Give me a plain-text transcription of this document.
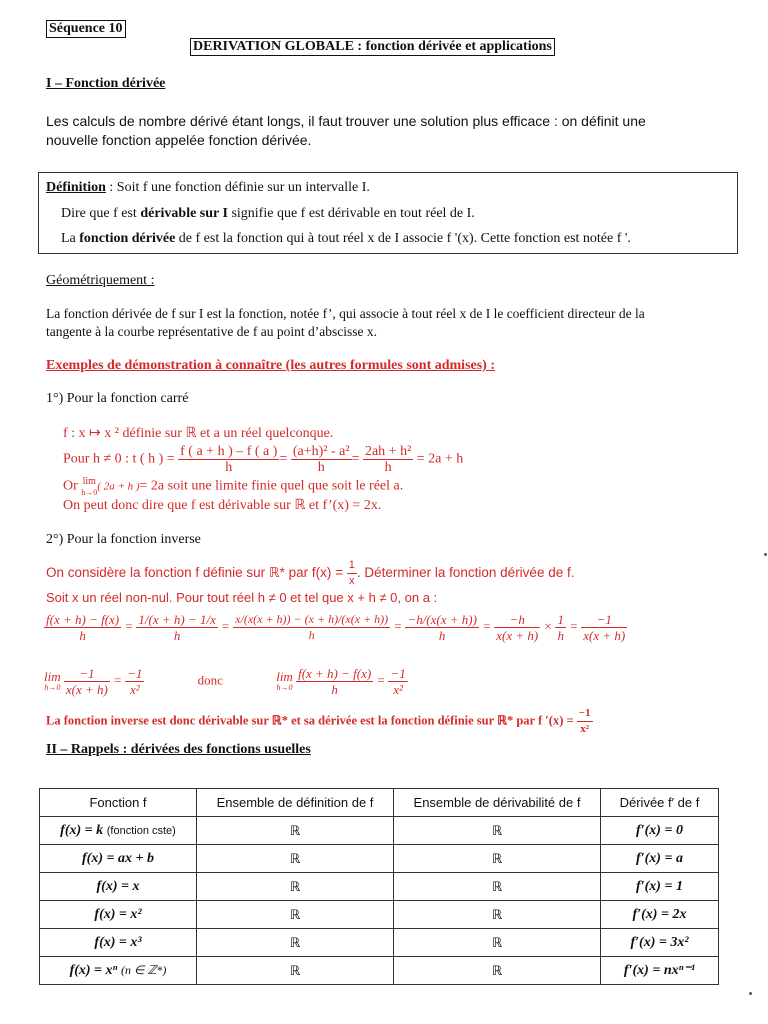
Séquence 10
DERIVATION GLOBALE : fonction dérivée et applications
I – Fonction dérivée
Les calculs de nombre dérivé étant longs, il faut trouver une solution plus efficace : on définit une
nouvelle fonction appelée fonction dérivée.
Définition : Soit f une fonction définie sur un intervalle I.
Dire que f est dérivable sur I signifie que f est dérivable en tout réel de I.
La fonction dérivée de f est la fonction qui à tout réel x de I associe f '(x). Cette fonction est notée f '.
Géométriquement :
La fonction dérivée de f sur I est la fonction, notée f’, qui associe à tout réel x de I le coefficient directeur de la
tangente à la courbe représentative de f au point d’abscisse x.
Exemples de démonstration à connaître (les autres formules sont admises) :
1°) Pour la fonction carré
f : x ↦ x ² définie sur ℝ et a un réel quelconque.
Pour h ≠ 0 : t ( h ) = $\frac{f ( a + h ) - f ( a )}{h} = \frac{\text{(a+h)² - a²}}{h} = \frac{\text{2ah + h²}}{h} = 2a + h$
Or lim
h→0 ( 2a + h )= 2a soit une limite finie quel que soit le réel a.
On peut donc dire que f est dérivable sur ℝ et f’(x) = 2x.
2°) Pour la fonction inverse
On considère la fonction f définie sur ℝ* par $f(x) = \frac{1}{x}$ . Déterminer la fonction dérivée de f.
Soit x un réel non-nul. Pour tout réel h ≠ 0 et tel que x + h ≠ 0, on a :
$\frac{f(x + h) - f(x)}{h} = \frac{1/(x + h) - 1/x}{h} = \frac{x/(x(x + h)) - (x + h)/(x(x + h))}{h} = \frac{-h/(x(x + h))}{h} = \frac{-h}{x(x + h)} \times \frac{1}{h} = \frac{-1}{x(x + h)}$
lim
h→0
$\frac{-1}{x(x + h)} = \frac{-1}{\text{x²}}$	donc	lim
h→0
$\frac{f(x + h) - f(x)}{h} = \frac{-1}{\text{x²}}$
La fonction inverse est donc dérivable sur ℝ* et sa dérivée est la fonction définie sur ℝ* par f $'(x) = \frac{-1}{\text{x²}}$
II – Rappels : dérivées des fonctions usuelles
Fonction f	Ensemble de définition de f	Ensemble de dérivabilité de f	Dérivée f′ de f
f(x) = k (fonction cste)	ℝ	ℝ	f′(x) = 0
f(x) = ax + b	ℝ	ℝ	f′(x) = a
f(x) = x	ℝ	ℝ	f′(x) = 1
f(x) = x²	ℝ	ℝ	f′(x) = 2x
f(x) = x³	ℝ	ℝ	f′(x) = 3x²
f(x) = xⁿ (n ∈ ℤ*)	ℝ	ℝ	f′(x) = nxⁿ⁻¹
